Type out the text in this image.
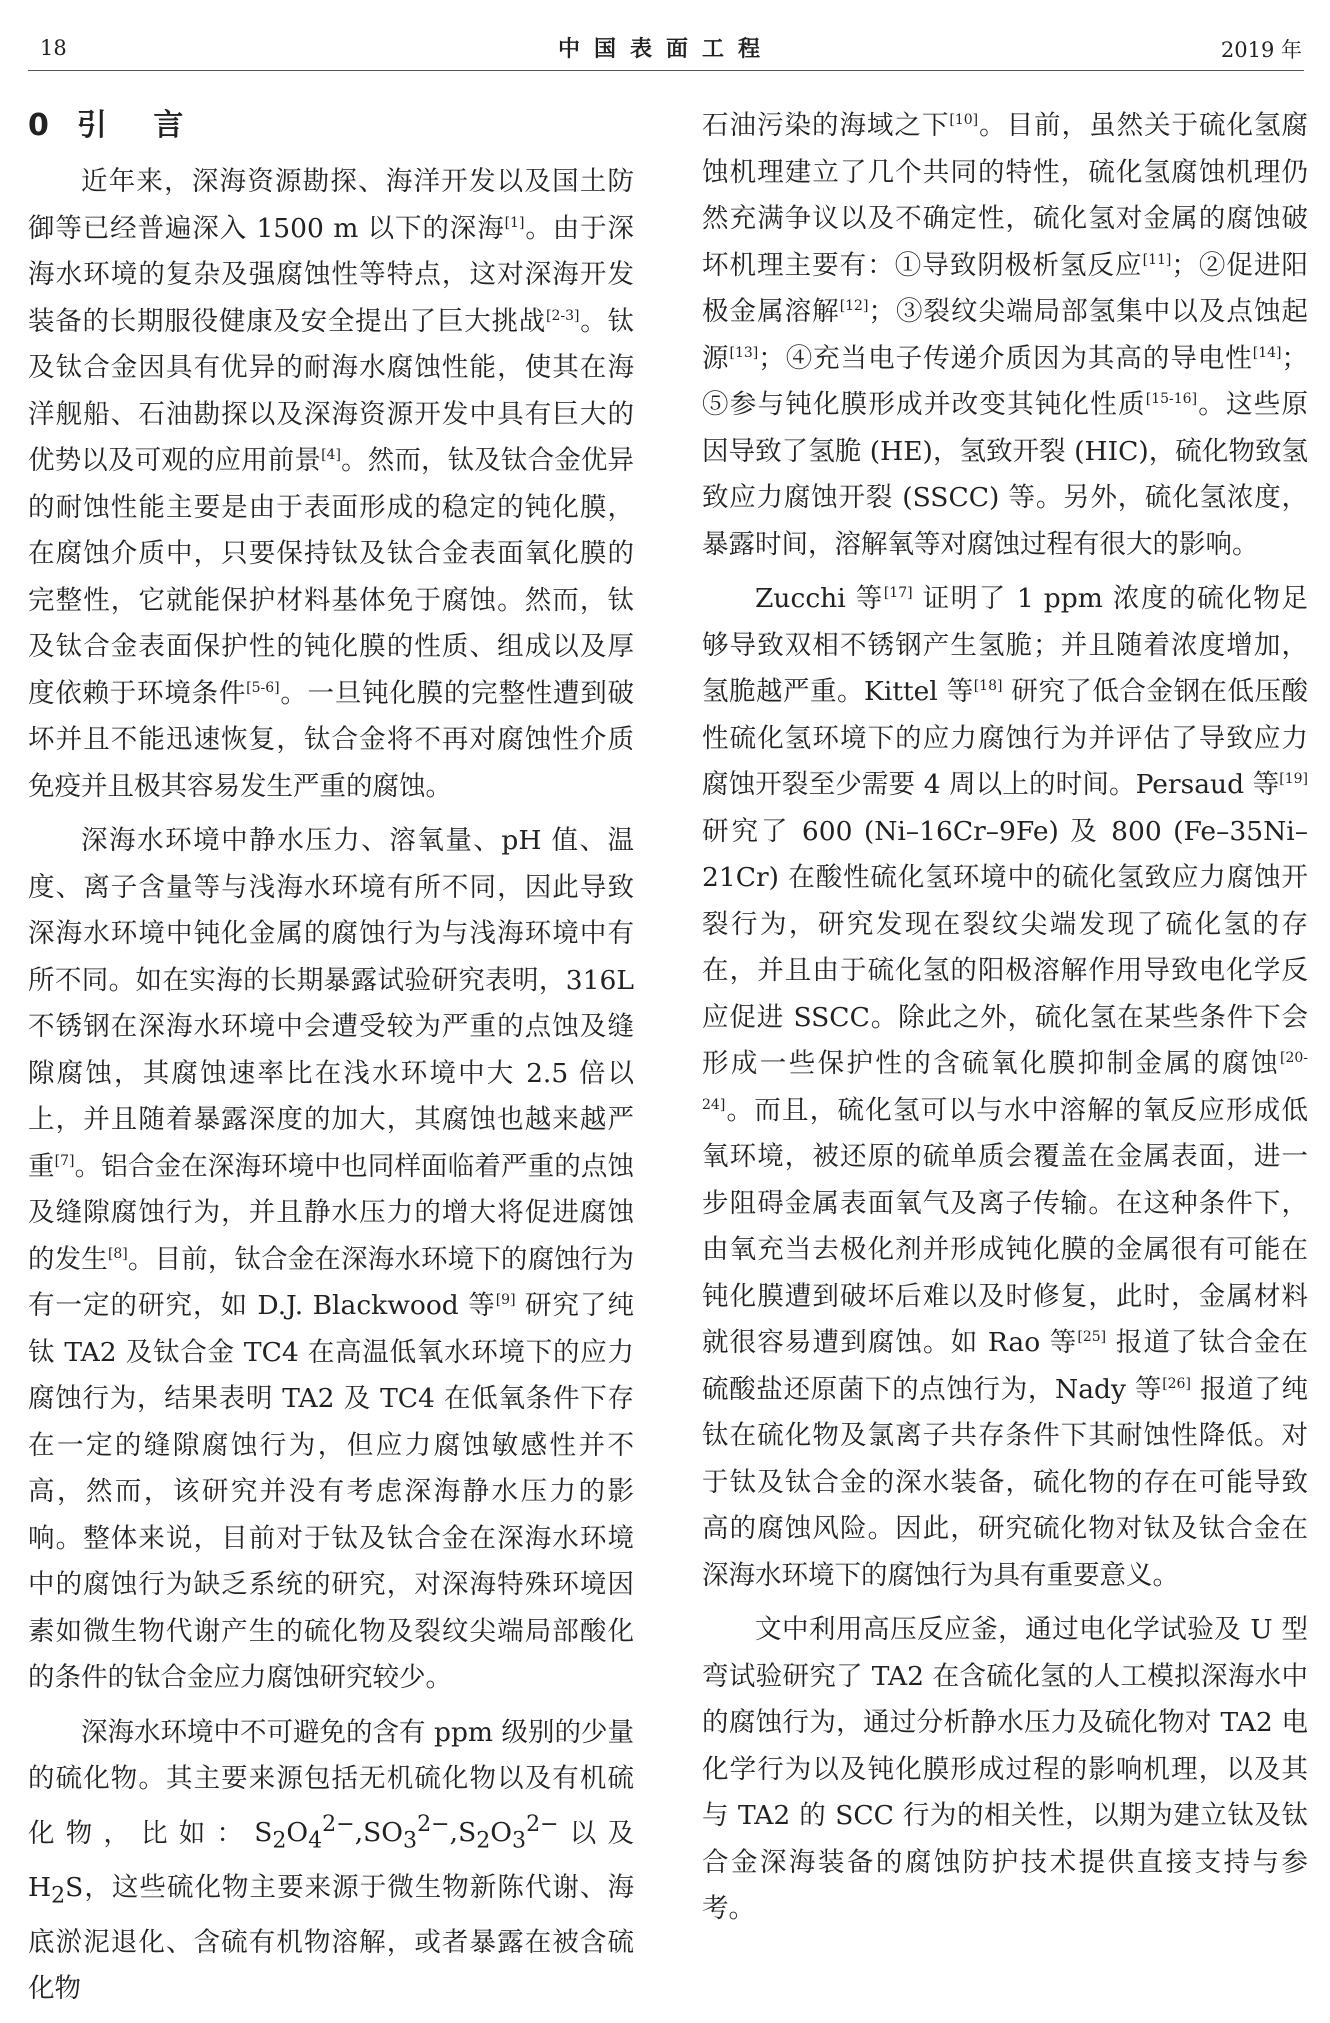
18	中国表面工程	2019 年
0引 言

近年来，深海资源勘探、海洋开发以及国土防御等已经普遍深入 1500 m 以下的深海[1]。由于深海水环境的复杂及强腐蚀性等特点，这对深海开发装备的长期服役健康及安全提出了巨大挑战[2-3]。钛及钛合金因具有优异的耐海水腐蚀性能，使其在海洋舰船、石油勘探以及深海资源开发中具有巨大的优势以及可观的应用前景[4]。然而，钛及钛合金优异的耐蚀性能主要是由于表面形成的稳定的钝化膜，在腐蚀介质中，只要保持钛及钛合金表面氧化膜的完整性，它就能保护材料基体免于腐蚀。然而，钛及钛合金表面保护性的钝化膜的性质、组成以及厚度依赖于环境条件[5-6]。一旦钝化膜的完整性遭到破坏并且不能迅速恢复，钛合金将不再对腐蚀性介质免疫并且极其容易发生严重的腐蚀。

深海水环境中静水压力、溶氧量、pH 值、温度、离子含量等与浅海水环境有所不同，因此导致深海水环境中钝化金属的腐蚀行为与浅海环境中有所不同。如在实海的长期暴露试验研究表明，316L 不锈钢在深海水环境中会遭受较为严重的点蚀及缝隙腐蚀，其腐蚀速率比在浅水环境中大 2.5 倍以上，并且随着暴露深度的加大，其腐蚀也越来越严重[7]。铝合金在深海环境中也同样面临着严重的点蚀及缝隙腐蚀行为，并且静水压力的增大将促进腐蚀的发生[8]。目前，钛合金在深海水环境下的腐蚀行为有一定的研究，如 D.J. Blackwood 等[9] 研究了纯钛 TA2 及钛合金 TC4 在高温低氧水环境下的应力腐蚀行为，结果表明 TA2 及 TC4 在低氧条件下存在一定的缝隙腐蚀行为，但应力腐蚀敏感性并不高，然而，该研究并没有考虑深海静水压力的影响。整体来说，目前对于钛及钛合金在深海水环境中的腐蚀行为缺乏系统的研究，对深海特殊环境因素如微生物代谢产生的硫化物及裂纹尖端局部酸化的条件的钛合金应力腐蚀研究较少。

深海水环境中不可避免的含有 ppm 级别的少量的硫化物。其主要来源包括无机硫化物以及有机硫化物，比如：$S_2O_4^{2-},SO_3^{2-},S_2O_3^{2-}$以及 $H_2S$，这些硫化物主要来源于微生物新陈代谢、海底淤泥退化、含硫有机物溶解，或者暴露在被含硫化物

石油污染的海域之下[10]。目前，虽然关于硫化氢腐蚀机理建立了几个共同的特性，硫化氢腐蚀机理仍然充满争议以及不确定性，硫化氢对金属的腐蚀破坏机理主要有：①导致阴极析氢反应[11]；②促进阳极金属溶解[12]；③裂纹尖端局部氢集中以及点蚀起源[13]；④充当电子传递介质因为其高的导电性[14]；⑤参与钝化膜形成并改变其钝化性质[15-16]。这些原因导致了氢脆 (HE)，氢致开裂 (HIC)，硫化物致氢致应力腐蚀开裂 (SSCC) 等。另外，硫化氢浓度，暴露时间，溶解氧等对腐蚀过程有很大的影响。

Zucchi 等[17] 证明了 1 ppm 浓度的硫化物足够导致双相不锈钢产生氢脆；并且随着浓度增加，氢脆越严重。Kittel 等[18] 研究了低合金钢在低压酸性硫化氢环境下的应力腐蚀行为并评估了导致应力腐蚀开裂至少需要 4 周以上的时间。Persaud 等[19] 研究了 600 (Ni–16Cr–9Fe) 及 800 (Fe–35Ni–21Cr) 在酸性硫化氢环境中的硫化氢致应力腐蚀开裂行为，研究发现在裂纹尖端发现了硫化氢的存在，并且由于硫化氢的阳极溶解作用导致电化学反应促进 SSCC。除此之外，硫化氢在某些条件下会形成一些保护性的含硫氧化膜抑制金属的腐蚀[20-24]。而且，硫化氢可以与水中溶解的氧反应形成低氧环境，被还原的硫单质会覆盖在金属表面，进一步阻碍金属表面氧气及离子传输。在这种条件下，由氧充当去极化剂并形成钝化膜的金属很有可能在钝化膜遭到破坏后难以及时修复，此时，金属材料就很容易遭到腐蚀。如 Rao 等[25] 报道了钛合金在硫酸盐还原菌下的点蚀行为，Nady 等[26] 报道了纯钛在硫化物及氯离子共存条件下其耐蚀性降低。对于钛及钛合金的深水装备，硫化物的存在可能导致高的腐蚀风险。因此，研究硫化物对钛及钛合金在深海水环境下的腐蚀行为具有重要意义。

文中利用高压反应釜，通过电化学试验及 U 型弯试验研究了 TA2 在含硫化氢的人工模拟深海水中的腐蚀行为，通过分析静水压力及硫化物对 TA2 电化学行为以及钝化膜形成过程的影响机理，以及其与 TA2 的 SCC 行为的相关性，以期为建立钛及钛合金深海装备的腐蚀防护技术提供直接支持与参考。
